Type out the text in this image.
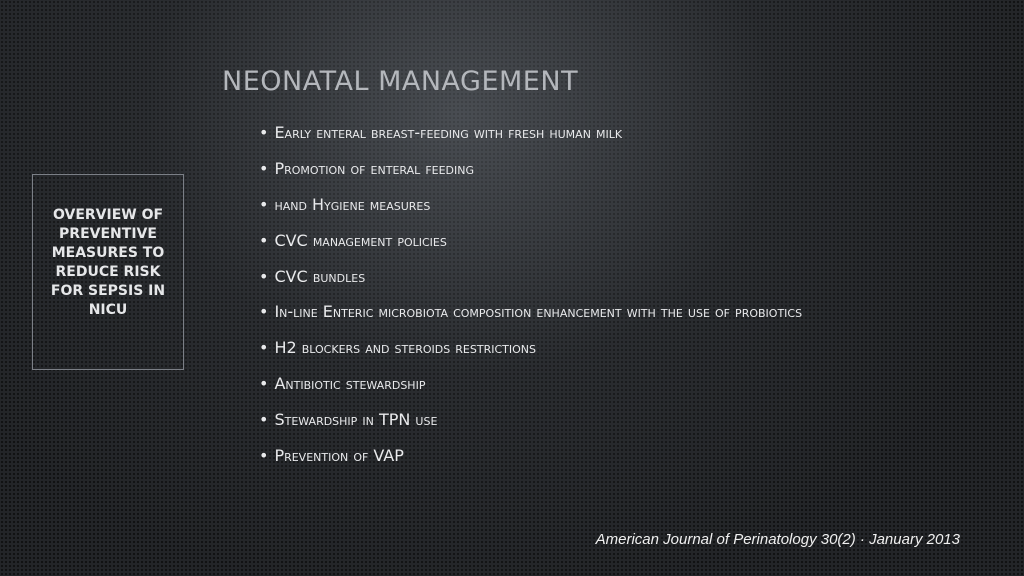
NEONATAL MANAGEMENT
OVERVIEW OF PREVENTIVE MEASURES TO REDUCE RISK FOR SEPSIS IN NICU
• Early enteral breast-feeding with fresh human milk
• Promotion of enteral feeding
• hand Hygiene measures
• CVC management policies
• CVC bundles
• In-line Enteric microbiota composition enhancement with the use of probiotics
• H2 blockers and steroids restrictions
• Antibiotic stewardship
• Stewardship in TPN use
• Prevention of VAP
American Journal of Perinatology 30(2) · January 2013
